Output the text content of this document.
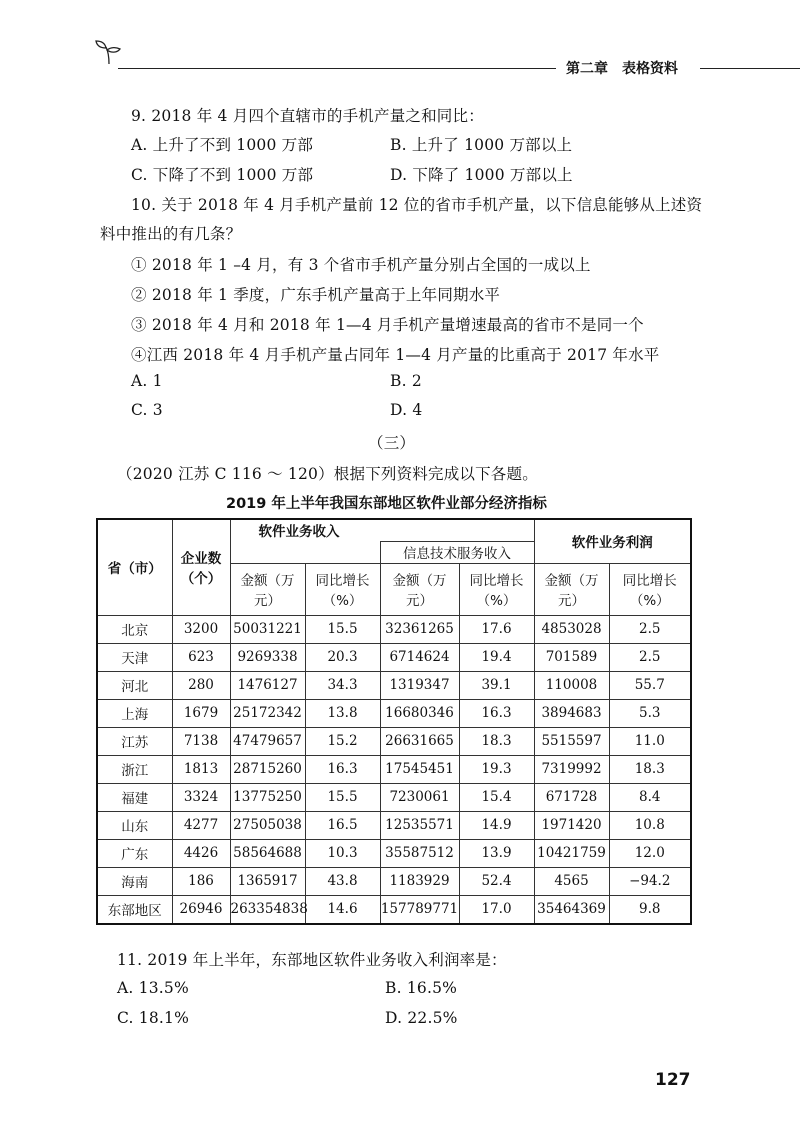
第二章　表格资料
9. 2018 年 4 月四个直辖市的手机产量之和同比：
A. 上升了不到 1000 万部	B. 上升了 1000 万部以上
C. 下降了不到 1000 万部	D. 下降了 1000 万部以上
10. 关于 2018 年 4 月手机产量前 12 位的省市手机产量，以下信息能够从上述资
料中推出的有几条？
① 2018 年 1 –4 月，有 3 个省市手机产量分别占全国的一成以上
② 2018 年 1 季度，广东手机产量高于上年同期水平
③ 2018 年 4 月和 2018 年 1—4 月手机产量增速最高的省市不是同一个
④江西 2018 年 4 月手机产量占同年 1—4 月产量的比重高于 2017 年水平
A. 1	B. 2
C. 3	D. 4
（三）
（2020 江苏 C 116 ～ 120）根据下列资料完成以下各题。
2019 年上半年我国东部地区软件业部分经济指标
省（市）	企业数（个）	软件业务收入				软件业务利润	
				信息技术服务收入			
		金额（万元）	同比增长（%）	金额（万元）	同比增长（%）	金额（万元）	同比增长（%）
北京	3200	50031221	15.5	32361265	17.6	4853028	2.5
天津	623	9269338	20.3	6714624	19.4	701589	2.5
河北	280	1476127	34.3	1319347	39.1	110008	55.7
上海	1679	25172342	13.8	16680346	16.3	3894683	5.3
江苏	7138	47479657	15.2	26631665	18.3	5515597	11.0
浙江	1813	28715260	16.3	17545451	19.3	7319992	18.3
福建	3324	13775250	15.5	7230061	15.4	671728	8.4
山东	4277	27505038	16.5	12535571	14.9	1971420	10.8
广东	4426	58564688	10.3	35587512	13.9	10421759	12.0
海南	186	1365917	43.8	1183929	52.4	4565	−94.2
东部地区	26946	263354838	14.6	157789771	17.0	35464369	9.8
11. 2019 年上半年，东部地区软件业务收入利润率是：
A. 13.5%	B. 16.5%
C. 18.1%	D. 22.5%
127
